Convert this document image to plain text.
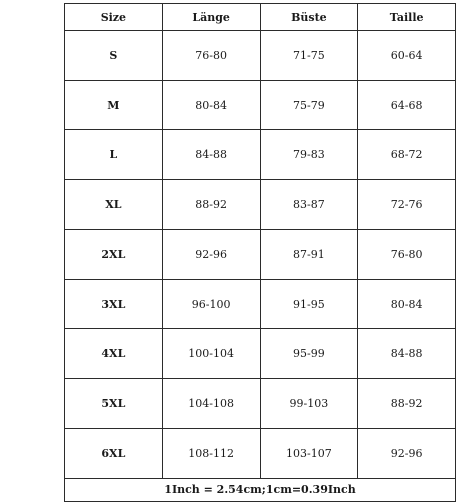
Size	Länge	Büste	Taille
S	76-80	71-75	60-64
M	80-84	75-79	64-68
L	84-88	79-83	68-72
XL	88-92	83-87	72-76
2XL	92-96	87-91	76-80
3XL	96-100	91-95	80-84
4XL	100-104	95-99	84-88
5XL	104-108	99-103	88-92
6XL	108-112	103-107	92-96
1Inch = 2.54cm;1cm=0.39Inch			
